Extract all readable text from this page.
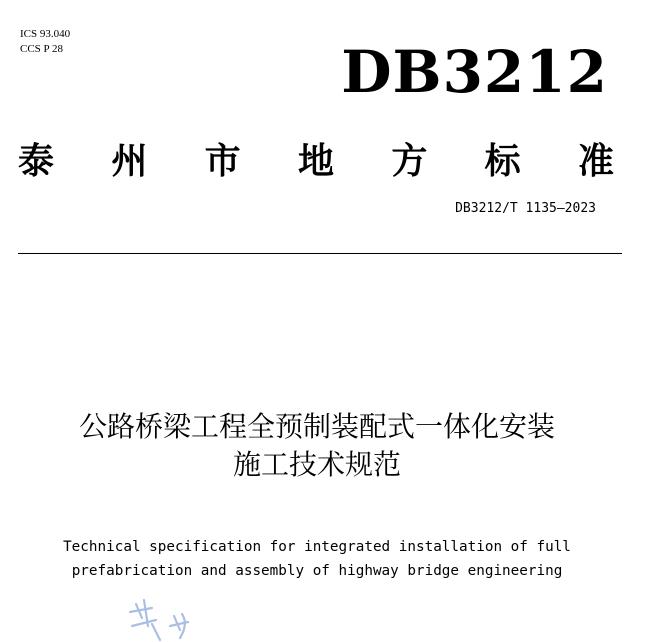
ICS 93.040
CCS P 28	DB3212
泰 州 市 地 方 标 准
DB3212/T 1135—2023
公路桥梁工程全预制装配式一体化安装
施工技术规范
Technical specification for integrated installation of full
prefabrication and assembly of highway bridge engineering
